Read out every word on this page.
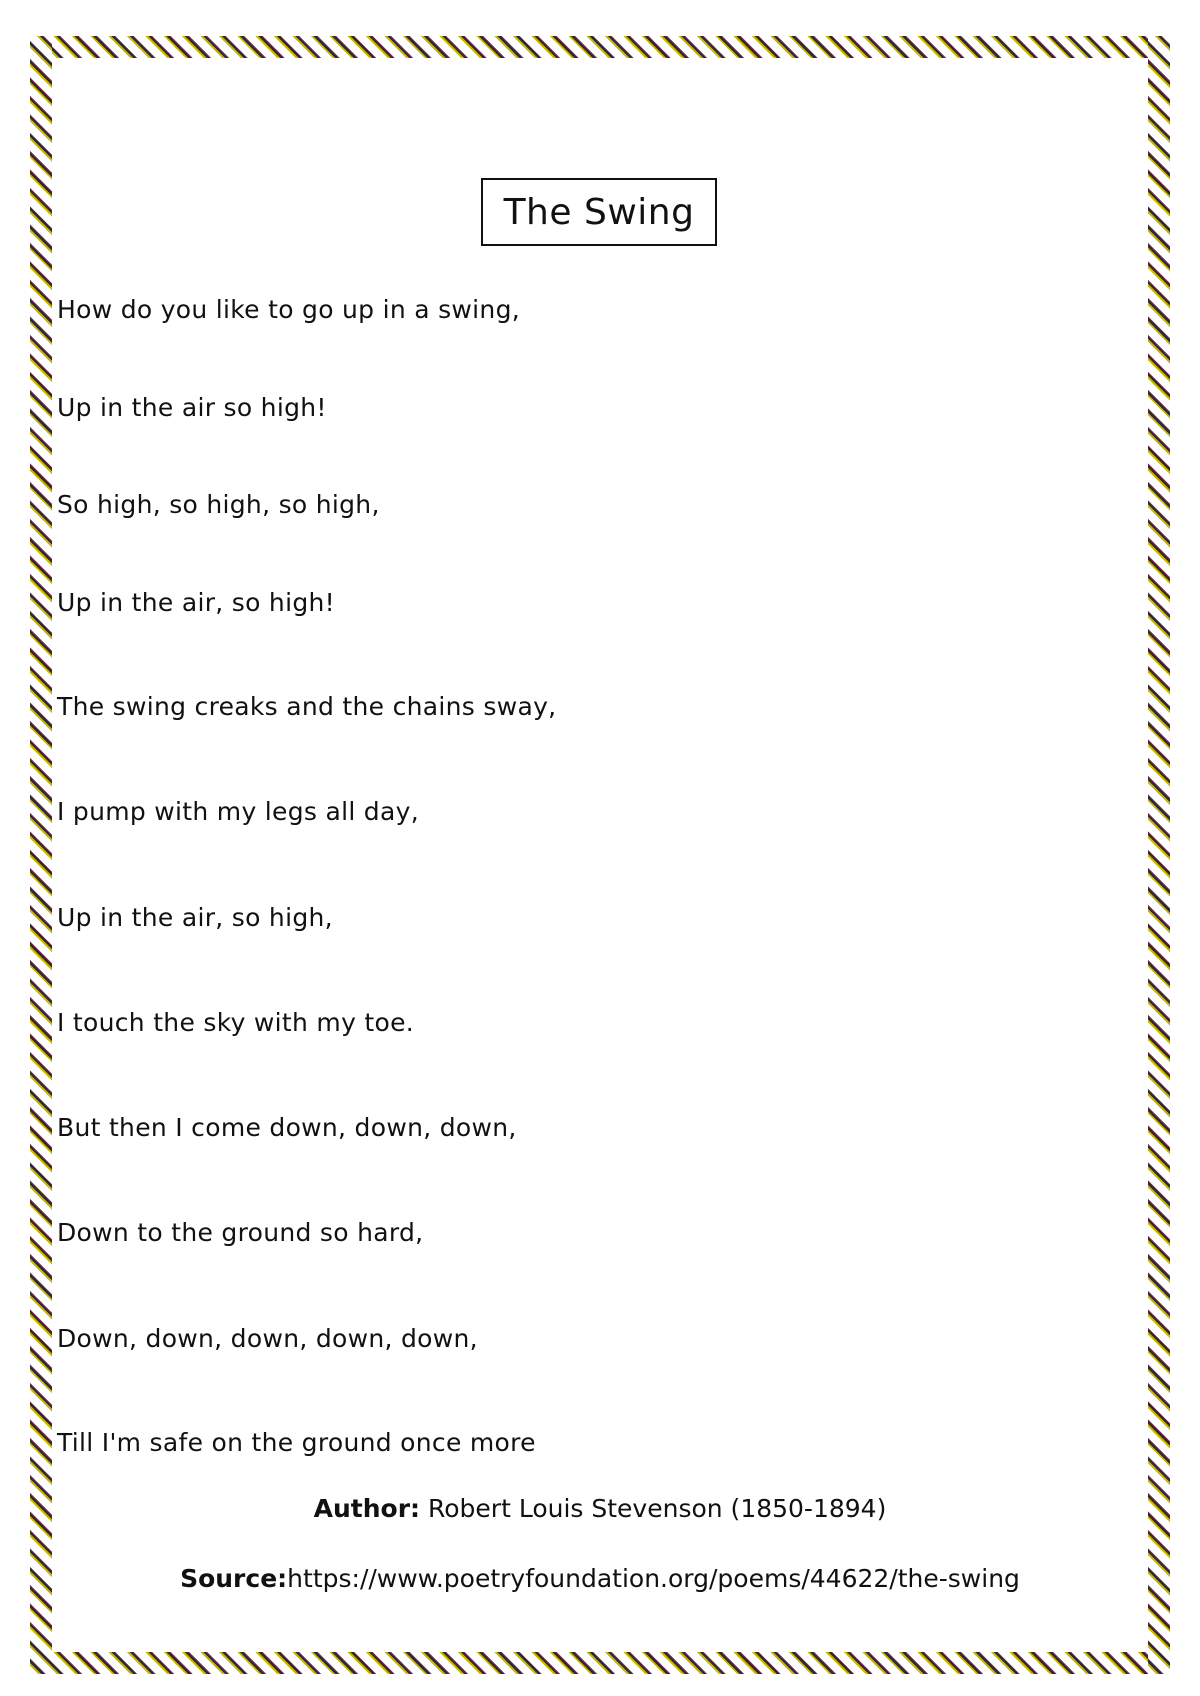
The Swing
How do you like to go up in a swing,
Up in the air so high!
So high, so high, so high,
Up in the air, so high!
The swing creaks and the chains sway,
I pump with my legs all day,
Up in the air, so high,
I touch the sky with my toe.
But then I come down, down, down,
Down to the ground so hard,
Down, down, down, down, down,
Till I'm safe on the ground once more
Author: Robert Louis Stevenson (1850-1894)
Source:https://www.poetryfoundation.org/poems/44622/the-swing
